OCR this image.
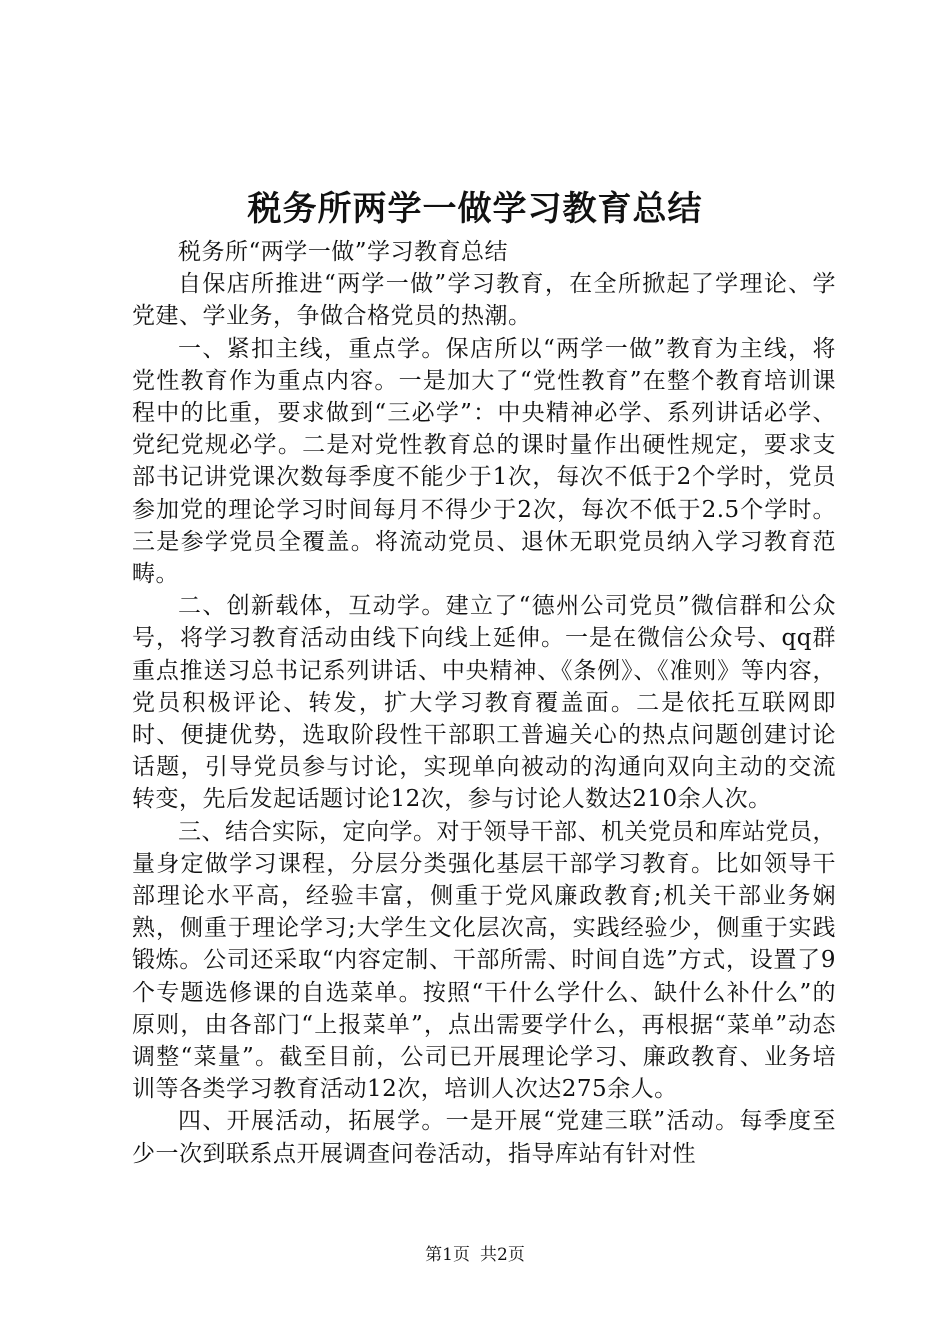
税务所两学一做学习教育总结

税务所“两学一做”学习教育总结

自保店所推进“两学一做”学习教育，在全所掀起了学理论、学党建、学业务，争做合格党员的热潮。

一、紧扣主线，重点学。保店所以“两学一做”教育为主线，将党性教育作为重点内容。一是加大了“党性教育”在整个教育培训课程中的比重，要求做到“三必学”：中央精神必学、系列讲话必学、党纪党规必学。二是对党性教育总的课时量作出硬性规定，要求支部书记讲党课次数每季度不能少于1次，每次不低于2个学时，党员参加党的理论学习时间每月不得少于2次，每次不低于2.5个学时。三是参学党员全覆盖。将流动党员、退休无职党员纳入学习教育范畴。

二、创新载体，互动学。建立了“德州公司党员”微信群和公众号，将学习教育活动由线下向线上延伸。一是在微信公众号、qq群重点推送习总书记系列讲话、中央精神、《条例》、《准则》等内容，党员积极评论、转发，扩大学习教育覆盖面。二是依托互联网即时、便捷优势，选取阶段性干部职工普遍关心的热点问题创建讨论话题，引导党员参与讨论，实现单向被动的沟通向双向主动的交流转变，先后发起话题讨论12次，参与讨论人数达210余人次。

三、结合实际，定向学。对于领导干部、机关党员和库站党员，量身定做学习课程，分层分类强化基层干部学习教育。比如领导干部理论水平高，经验丰富，侧重于党风廉政教育;机关干部业务娴熟，侧重于理论学习;大学生文化层次高，实践经验少，侧重于实践锻炼。公司还采取“内容定制、干部所需、时间自选”方式，设置了9个专题选修课的自选菜单。按照“干什么学什么、缺什么补什么”的原则，由各部门“上报菜单”，点出需要学什么，再根据“菜单”动态调整“菜量”。截至目前，公司已开展理论学习、廉政教育、业务培训等各类学习教育活动12次，培训人次达275余人。

四、开展活动，拓展学。一是开展“党建三联”活动。每季度至少一次到联系点开展调查问卷活动，指导库站有针对性

第1页 共2页
